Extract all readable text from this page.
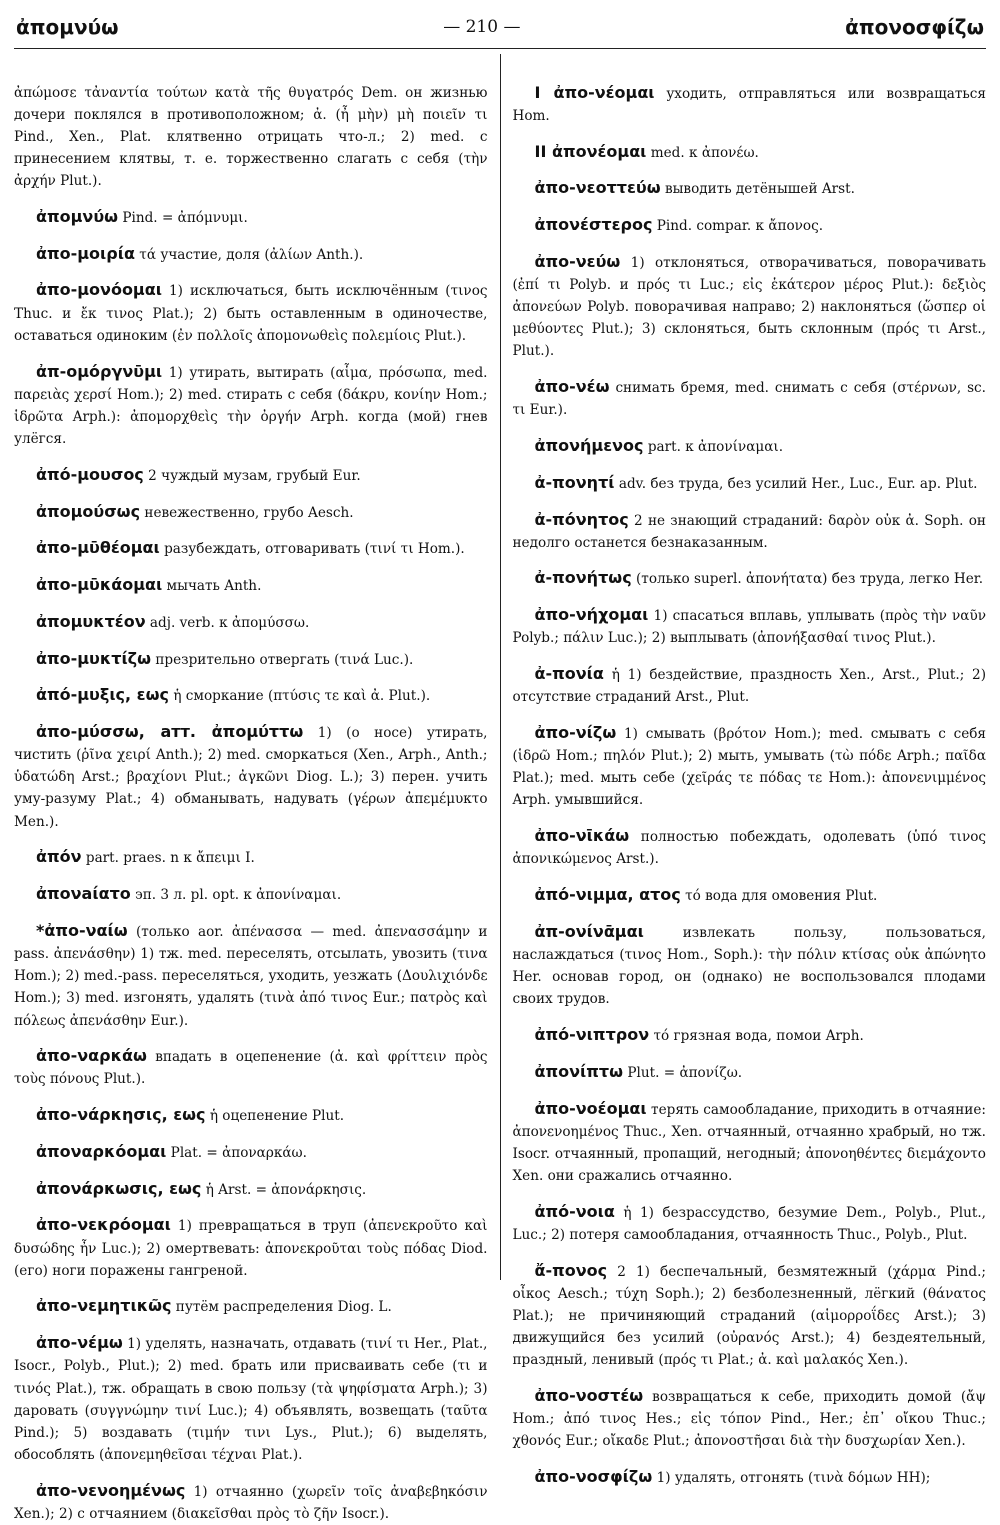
ἀπομνύω	— 210 —	ἀπονοσφίζω

ἀπώμοσε τἀναντία τούτων κατὰ τῆς θυγατρός Dem. он жизнью дочери поклялся в противоположном; ἀ. (ἦ μὴν) μὴ ποιεῖν τι Pind., Xen., Plat. клятвенно отрицать что-л.; 2) med. с принесением клятвы, т. е. торжественно слагать с себя (τὴν ἀρχήν Plut.).

ἀπομνύω Pind. = ἀπόμνυμι.

ἀπο-μοιρία τά участие, доля (ἀλίων Anth.).

ἀπο-μονόομαι 1) исключаться, быть исключённым (τινος Thuc. и ἔκ τινος Plat.); 2) быть оставленным в одиночестве, оставаться одиноким (ἐν πολλοῖς ἀπομονωθεὶς πολεμίοις Plut.).

ἀπ-ομόργνῡμι 1) утирать, вытирать (αἷμα, πρόσωπα, med. παρειὰς χερσί Hom.); 2) med. стирать с себя (δάκρυ, κονίην Hom.; ἱδρῶτα Arph.): ἀπομορχθεὶς τὴν ὀργήν Arph. когда (мой) гнев улёгся.

ἀπό-μουσος 2 чуждый музам, грубый Eur.

ἀπομούσως невежественно, грубо Aesch.

ἀπο-μῡθέομαι разубеждать, отговаривать (τινί τι Hom.).

ἀπο-μῡκάομαι мычать Anth.

ἀπομυκτέον adj. verb. к ἀπομύσσω.

ἀπο-μυκτίζω презрительно отвергать (τινά Luc.).

ἀπό-μυξις, εως ἡ сморкание (πτύσις τε καὶ ἀ. Plut.).

ἀπο-μύσσω, атт. ἀπομύττω 1) (о носе) утирать, чистить (ῥῖνα χειρί Anth.); 2) med. сморкаться (Xen., Arph., Anth.; ὑδατώδη Arst.; βραχίονι Plut.; ἀγκῶνι Diog. L.); 3) перен. учить уму-разуму Plat.; 4) обманывать, надувать (γέρων ἀπεμέμυκτο Men.).

ἀπόν part. praes. n к ἄπειμι I.

ἀπονaίατο эп. 3 л. pl. opt. к ἀπονίναμαι.

*ἀπο-ναίω (только aor. ἀπένασσα — med. ἀπενασσάμην и pass. ἀπενάσθην) 1) тж. med. переселять, отсылать, увозить (τινα Hom.); 2) med.-pass. переселяться, уходить, уезжать (Δουλιχιόνδε Hom.); 3) med. изгонять, удалять (τινὰ ἀπό τινος Eur.; πατρὸς καὶ πόλεως ἀπενάσθην Eur.).

ἀπο-ναρκάω впадать в оцепенение (ἀ. καὶ φρίττειν πρὸς τοὺς πόνους Plut.).

ἀπο-νάρκησις, εως ἡ оцепенение Plut.

ἀποναρκόομαι Plat. = ἀποναρκάω.

ἀπονάρκωσις, εως ἡ Arst. = ἀπονάρκησις.

ἀπο-νεκρόομαι 1) превращаться в труп (ἀπενεκροῦτο καὶ δυσώδης ἦν Luc.); 2) омертвевать: ἀπονεκροῦται τοὺς πόδας Diod. (его) ноги поражены гангреной.

ἀπο-νεμητικῶς путём распределения Diog. L.

ἀπο-νέμω 1) уделять, назначать, отдавать (τινί τι Her., Plat., Isocr., Polyb., Plut.); 2) med. брать или присваивать себе (τι и τινός Plat.), тж. обращать в свою пользу (τὰ ψηφίσματα Arph.); 3) даровать (συγγνώμην τινί Luc.); 4) объявлять, возвещать (ταῦτα Pind.); 5) воздавать (τιμήν τινι Lys., Plut.); 6) выделять, обособлять (ἀπονεμηθεῖσαι τέχναι Plat.).

ἀπο-νενοημένως 1) отчаянно (χωρεῖν τοῖς ἀναβεβηκόσιν Xen.); 2) с отчаянием (διακεῖσθαι πρὸς τὸ ζῆν Isocr.).

I ἀπο-νέομαι уходить, отправляться или возвращаться Hom.

II ἀπονέομαι med. к ἀπονέω.

ἀπο-νεοττεύω выводить детёнышей Arst.

ἀπονέστερος Pind. compar. к ἄπονος.

ἀπο-νεύω 1) отклоняться, отворачиваться, поворачивать (ἐπί τι Polyb. и πρός τι Luc.; εἰς ἑκάτερον μέρος Plut.): δεξιὸς ἀπονεύων Polyb. поворачивая направо; 2) наклоняться (ὥσπερ οἱ μεθύοντες Plut.); 3) склоняться, быть склонным (πρός τι Arst., Plut.).

ἀπο-νέω снимать бремя, med. снимать с себя (στέρνων, sc. τι Eur.).

ἀπονήμενος part. к ἀπονίναμαι.

ἀ-πονητί adv. без труда, без усилий Her., Luc., Eur. ap. Plut.

ἀ-πόνητος 2 не знающий страданий: δαρὸν οὐκ ἀ. Soph. он недолго останется безнаказанным.

ἀ-πονήτως (только superl. ἀπονήτατα) без труда, легко Her.

ἀπο-νήχομαι 1) спасаться вплавь, уплывать (πρὸς τὴν ναῦν Polyb.; πάλιν Luc.); 2) выплывать (ἀπονήξασθαί τινος Plut.).

ἀ-πονία ἡ 1) бездействие, праздность Xen., Arst., Plut.; 2) отсутствие страданий Arst., Plut.

ἀπο-νίζω 1) смывать (βρότον Hom.); med. смывать с себя (ἱδρῶ Hom.; πηλόν Plut.); 2) мыть, умывать (τὼ πόδε Arph.; παῖδα Plat.); med. мыть себе (χεῖράς τε πόδας τε Hom.): ἀπονενιμμένος Arph. умывшийся.

ἀπο-νῑκάω полностью побеждать, одолевать (ὑπό τινος ἀπονικώμενος Arst.).

ἀπό-νιμμα, ατος τό вода для омовения Plut.

ἀπ-ονίνᾱμαι	извлекать пользу, пользоваться, наслаждаться (τινος Hom., Soph.): τὴν πόλιν κτίσας οὐκ ἀπώνητο Her. основав город, он (однако) не воспользовался плодами своих трудов.

ἀπό-νιπτρον τό грязная вода, помои Arph.

ἀπονίπτω Plut. = ἀπονίζω.

ἀπο-νοέομαι терять самообладание, приходить в отчаяние: ἀπονενοημένος Thuc., Xen. отчаянный, отчаянно храбрый, но тж. Isocr. отчаянный, пропащий, негодный; ἀπονοηθέντες διεμάχοντο Xen. они сражались отчаянно.

ἀπό-νοια ἡ 1) безрассудство, безумие Dem., Polyb., Plut., Luc.; 2) потеря самообладания, отчаянность Thuc., Polyb., Plut.

ἄ-πονος 2 1) беспечальный, безмятежный (χάρμα Pind.; οἶκος Aesch.; τύχη Soph.); 2) безболезненный, лёгкий (θάνατος Plat.); не причиняющий страданий (αἱμορροΐδες Arst.); 3) движущийся без усилий (οὐρανός Arst.); 4) бездеятельный, праздный, ленивый (πρός τι Plat.; ἀ. καὶ μαλακός Xen.).

ἀπο-νοστέω возвращаться к себе, приходить домой (ἄψ Hom.; ἀπό τινος Hes.; εἰς τόπον Pind., Her.; ἐπ᾽ οἴκου Thuc.; χθονός Eur.; οἴκαδε Plut.; ἀπονοστῆσαι διὰ τὴν δυσχωρίαν Xen.).

ἀπο-νοσφίζω 1) удалять, отгонять (τινὰ δόμων HH);
